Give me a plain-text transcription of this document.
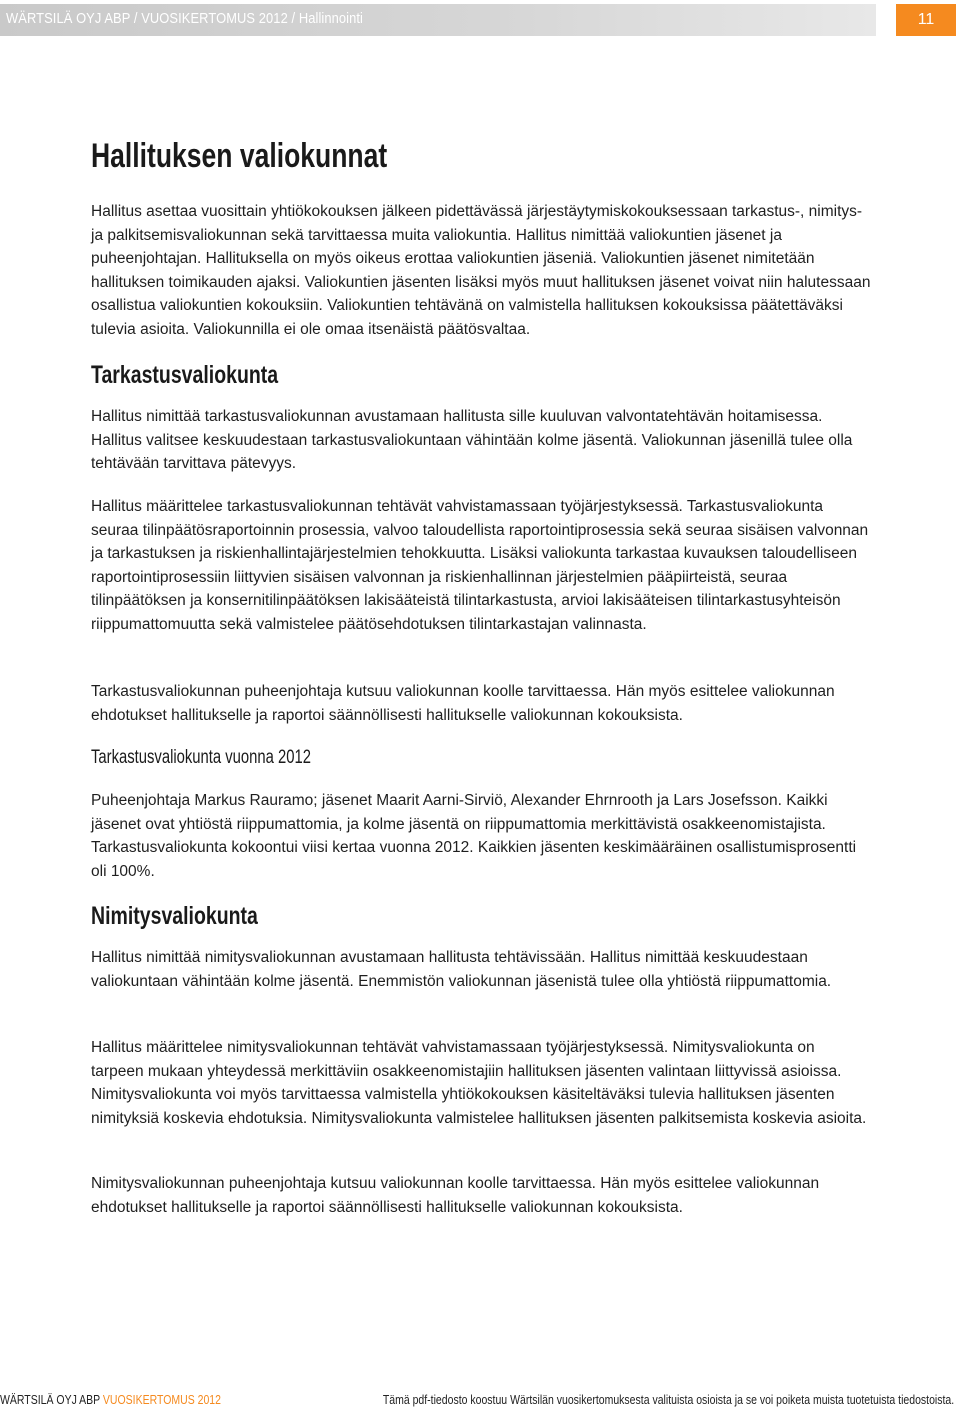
WÄRTSILÄ OYJ ABP / VUOSIKERTOMUS 2012 / Hallinnointi	11
Hallituksen valiokunnat

Hallitus asettaa vuosittain yhtiökokouksen jälkeen pidettävässä järjestäytymiskokouksessaan tarkastus-, nimitys- ja palkitsemisvaliokunnan sekä tarvittaessa muita valiokuntia. Hallitus nimittää valiokuntien jäsenet ja puheenjohtajan. Hallituksella on myös oikeus erottaa valiokuntien jäseniä. Valiokuntien jäsenet nimitetään hallituksen toimikauden ajaksi. Valiokuntien jäsenten lisäksi myös muut hallituksen jäsenet voivat niin halutessaan osallistua valiokuntien kokouksiin. Valiokuntien tehtävänä on valmistella hallituksen kokouksissa päätettäväksi tulevia asioita. Valiokunnilla ei ole omaa itsenäistä päätösvaltaa.

Tarkastusvaliokunta

Hallitus nimittää tarkastusvaliokunnan avustamaan hallitusta sille kuuluvan valvontatehtävän hoitamisessa. Hallitus valitsee keskuudestaan tarkastusvaliokuntaan vähintään kolme jäsentä. Valiokunnan jäsenillä tulee olla tehtävään tarvittava pätevyys.

Hallitus määrittelee tarkastusvaliokunnan tehtävät vahvistamassaan työjärjestyksessä. Tarkastusvaliokunta seuraa tilinpäätösraportoinnin prosessia, valvoo taloudellista raportointiprosessia sekä seuraa sisäisen valvonnan ja tarkastuksen ja riskienhallintajärjestelmien tehokkuutta. Lisäksi valiokunta tarkastaa kuvauksen taloudelliseen raportointiprosessiin liittyvien sisäisen valvonnan ja riskienhallinnan järjestelmien pääpiirteistä, seuraa tilinpäätöksen ja konsernitilinpäätöksen lakisääteistä tilintarkastusta, arvioi lakisääteisen tilintarkastusyhteisön riippumattomuutta sekä valmistelee päätösehdotuksen tilintarkastajan valinnasta.

Tarkastusvaliokunnan puheenjohtaja kutsuu valiokunnan koolle tarvittaessa. Hän myös esittelee valiokunnan ehdotukset hallitukselle ja raportoi säännöllisesti hallitukselle valiokunnan kokouksista.

Tarkastusvaliokunta vuonna 2012

Puheenjohtaja Markus Rauramo; jäsenet Maarit Aarni-Sirviö, Alexander Ehrnrooth ja Lars Josefsson. Kaikki jäsenet ovat yhtiöstä riippumattomia, ja kolme jäsentä on riippumattomia merkittävistä osakkeenomistajista. Tarkastusvaliokunta kokoontui viisi kertaa vuonna 2012. Kaikkien jäsenten keskimääräinen osallistumisprosentti oli 100%.

Nimitysvaliokunta

Hallitus nimittää nimitysvaliokunnan avustamaan hallitusta tehtävissään. Hallitus nimittää keskuudestaan valiokuntaan vähintään kolme jäsentä. Enemmistön valiokunnan jäsenistä tulee olla yhtiöstä riippumattomia.

Hallitus määrittelee nimitysvaliokunnan tehtävät vahvistamassaan työjärjestyksessä. Nimitysvaliokunta on tarpeen mukaan yhteydessä merkittäviin osakkeenomistajiin hallituksen jäsenten valintaan liittyvissä asioissa. Nimitysvaliokunta voi myös tarvittaessa valmistella yhtiökokouksen käsiteltäväksi tulevia hallituksen jäsenten nimityksiä koskevia ehdotuksia. Nimitysvaliokunta valmistelee hallituksen jäsenten palkitsemista koskevia asioita.

Nimitysvaliokunnan puheenjohtaja kutsuu valiokunnan koolle tarvittaessa. Hän myös esittelee valiokunnan ehdotukset hallitukselle ja raportoi säännöllisesti hallitukselle valiokunnan kokouksista.

WÄRTSILÄ OYJ ABP VUOSIKERTOMUS 2012	Tämä pdf-tiedosto koostuu Wärtsilän vuosikertomuksesta valituista osioista ja se voi poiketa muista tuotetuista tiedostoista.
